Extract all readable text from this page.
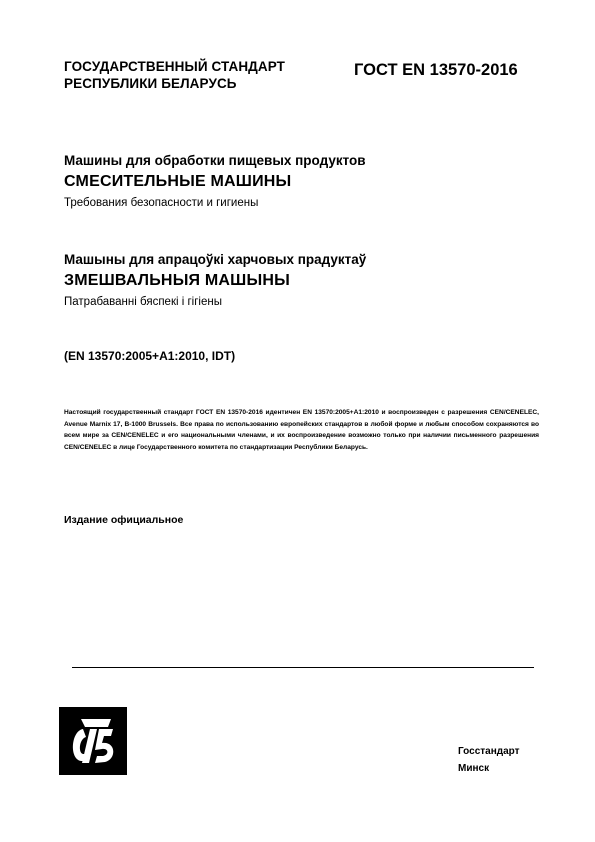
ГОСУДАРСТВЕННЫЙ СТАНДАРТ
РЕСПУБЛИКИ БЕЛАРУСЬ
ГОСТ EN 13570-2016
Машины для обработки пищевых продуктов
СМЕСИТЕЛЬНЫЕ МАШИНЫ
Требования безопасности и гигиены
Машыны для апрацоўкі харчовых прадуктаў
ЗМЕШВАЛЬНЫЯ МАШЫНЫ
Патрабаванні бяспекі і гігіены
(EN 13570:2005+A1:2010, IDT)
Настоящий государственный стандарт ГОСТ EN 13570-2016 идентичен EN 13570:2005+A1:2010 и воспроизведен с разрешения CEN/CENELEC, Avenue Marnix 17, B-1000 Brussels. Все права по использованию европейских стандартов в любой форме и любым способом сохраняются во всем мире за CEN/CENELEC и его национальными членами, и их воспроизведение возможно только при наличии письменного разрешения CEN/CENELEC в лице Государственного комитета по стандартизации Республики Беларусь.
Издание официальное
Госстандарт
Минск
